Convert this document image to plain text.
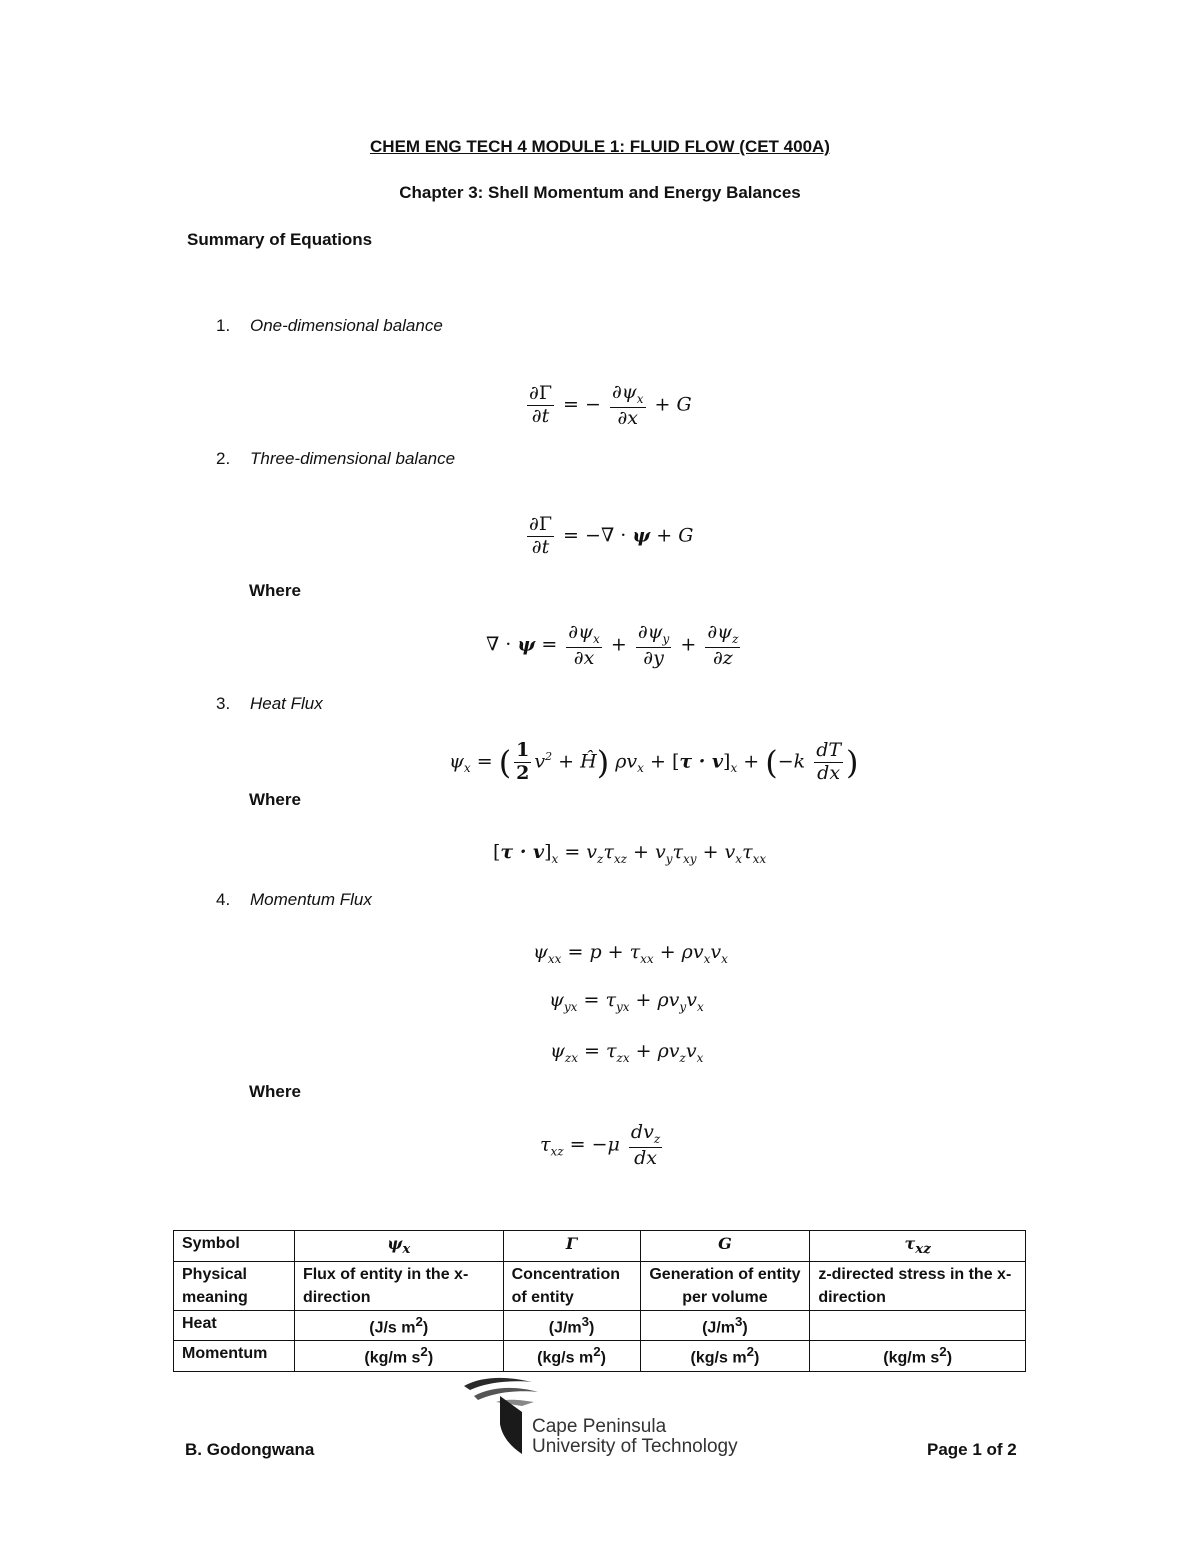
CHEM ENG TECH 4 MODULE 1: FLUID FLOW (CET 400A)
Chapter 3: Shell Momentum and Energy Balances
Summary of Equations
1. One-dimensional balance
$\frac{\partial\Gamma}{\partial t}$ = − $\frac{\partial\psi_x}{\partial x} + G$
2. Three-dimensional balance
$\frac{\partial\Gamma}{\partial t}$ = −∇ · ψ + G
Where
∇ · $\psi = \frac{\partial\psi_x}{\partial x} + \frac{\partial\psi_y}{\partial y} + \frac{\partial\psi_z}{\partial z}$
3. Heat Flux
$\psi_x$ = ( $\frac{1}{2} v^2$ + Ĥ) $\rho v_x + [\tau \cdot v]_x + (-k \frac{dT}{dx}$ )
Where
$[\tau \cdot v]_x = v_z\tau_{xz} + v_y\tau_{xy} + v_x\tau_{xx}$
4. Momentum Flux
$\psi_{xx} = p + \tau_{xx} + \rho v_xv_x$
$\psi_{yx} = \tau_{yx} + \rho v_yv_x$
$\psi_{zx} = \tau_{zx} + \rho v_zv_x$
Where
$\tau_{xz} = -\mu \frac{dv_z}{dx}$
Symbol	$\psi_x$	Γ	G	$\tau_{xz}$
Physical meaning	Flux of entity in the x-direction	Concentration of entity	Generation of entity per volume	z-directed stress in the x-direction
Heat	(J/s $m^2$)	$(J/m^3)$	$(J/m^3)$	
Momentum	(kg/m $s^2$)	(kg/s $m^2$)	(kg/s $m^2$)	(kg/m $s^2$)
B. Godongwana
Cape Peninsula
University of Technology	Page 1 of 2
